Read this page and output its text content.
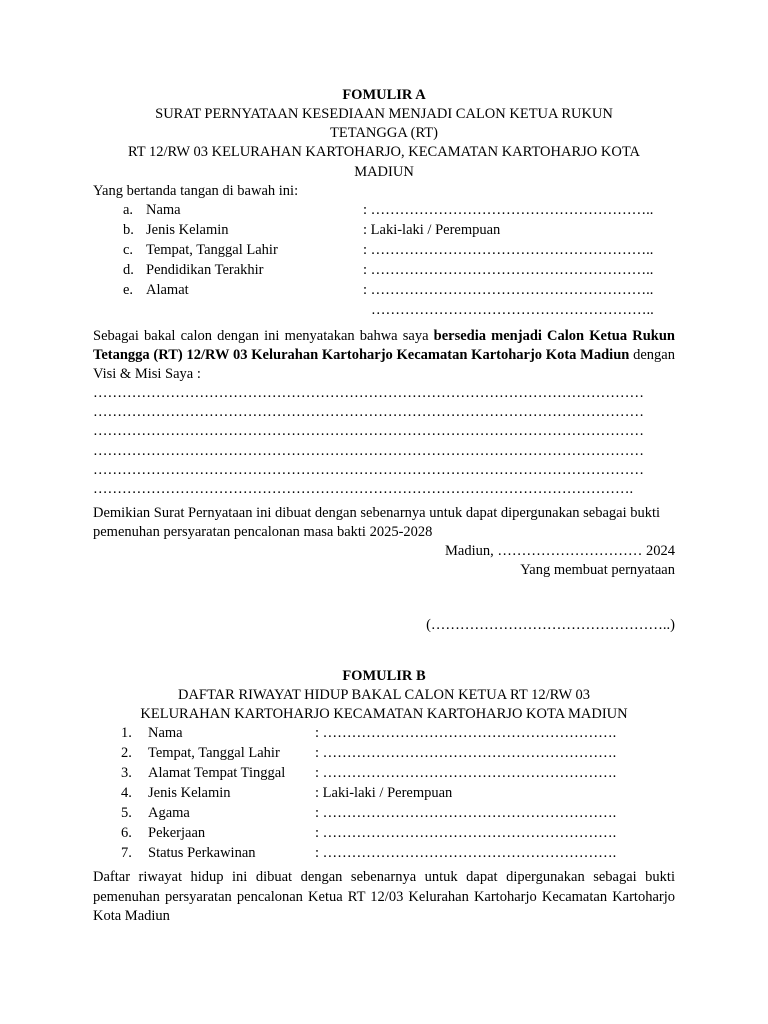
FOMULIR A
SURAT PERNYATAAN KESEDIAAN MENJADI CALON KETUA RUKUN TETANGGA (RT)
RT 12/RW 03 KELURAHAN KARTOHARJO, KECAMATAN KARTOHARJO KOTA MADIUN
Yang bertanda tangan di bawah ini:
a. Nama	: …………………………………………………..
b. Jenis Kelamin	: Laki-laki / Perempuan
c. Tempat, Tanggal Lahir	: …………………………………………………..
d. Pendidikan Terakhir	: …………………………………………………..
e. Alamat	: …………………………………………………..
…………………………………………………..
Sebagai bakal calon dengan ini menyatakan bahwa saya bersedia menjadi Calon Ketua Rukun Tetangga (RT) 12/RW 03 Kelurahan Kartoharjo Kecamatan Kartoharjo Kota Madiun dengan Visi & Misi Saya :
……………………………………………………………………………………………………
……………………………………………………………………………………………………
……………………………………………………………………………………………………
……………………………………………………………………………………………………
……………………………………………………………………………………………………
………………………………………………………………………………………………….
Demikian Surat Pernyataan ini dibuat dengan sebenarnya untuk dapat dipergunakan sebagai bukti pemenuhan persyaratan pencalonan masa bakti 2025-2028
Madiun, ………………………… 2024
Yang membuat pernyataan
(…………………………………………..)
FOMULIR B
DAFTAR RIWAYAT HIDUP BAKAL CALON KETUA RT 12/RW 03
KELURAHAN KARTOHARJO KECAMATAN KARTOHARJO KOTA MADIUN
1. Nama	: …………………………………………………….
2. Tempat, Tanggal Lahir : …………………………………………………….
3. Alamat Tempat Tinggal : …………………………………………………….
4. Jenis Kelamin	: Laki-laki / Perempuan
5. Agama	: …………………………………………………….
6. Pekerjaan	: …………………………………………………….
7. Status Perkawinan	: …………………………………………………….
Daftar riwayat hidup ini dibuat dengan sebenarnya untuk dapat dipergunakan sebagai bukti pemenuhan persyaratan pencalonan Ketua RT 12/03 Kelurahan Kartoharjo Kecamatan Kartoharjo Kota Madiun
